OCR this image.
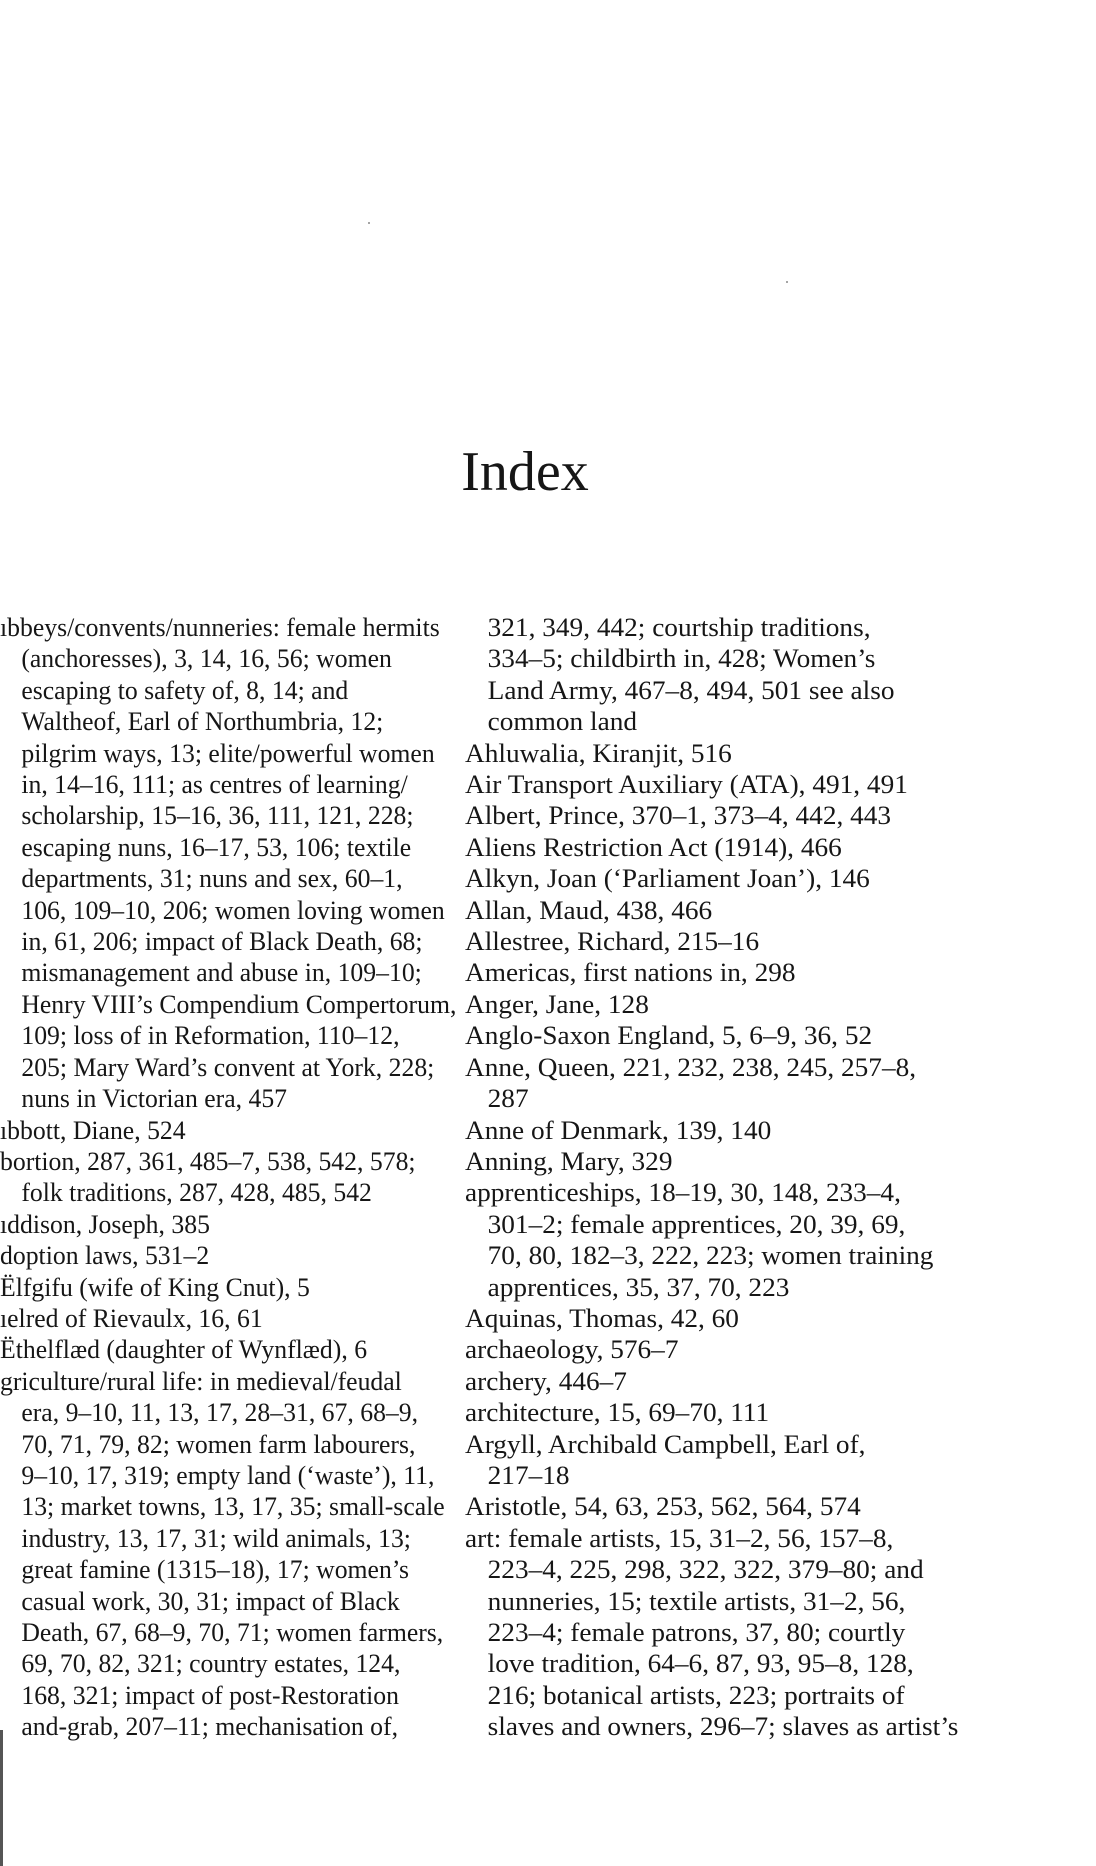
Index
ıbbeys/convents/nunneries: female hermits
(anchoresses), 3, 14, 16, 56; women
escaping to safety of, 8, 14; and
Waltheof, Earl of Northumbria, 12;
pilgrim ways, 13; elite/powerful women
in, 14–16, 111; as centres of learning/
scholarship, 15–16, 36, 111, 121, 228;
escaping nuns, 16–17, 53, 106; textile
departments, 31; nuns and sex, 60–1,
106, 109–10, 206; women loving women
in, 61, 206; impact of Black Death, 68;
mismanagement and abuse in, 109–10;
Henry VIII’s Compendium Compertorum,
109; loss of in Reformation, 110–12,
205; Mary Ward’s convent at York, 228;
nuns in Victorian era, 457
ıbbott, Diane, 524
bortion, 287, 361, 485–7, 538, 542, 578;
folk traditions, 287, 428, 485, 542
ıddison, Joseph, 385
doption laws, 531–2
Ëlfgifu (wife of King Cnut), 5
ıelred of Rievaulx, 16, 61
Ëthelflæd (daughter of Wynflæd), 6
griculture/rural life: in medieval/feudal
era, 9–10, 11, 13, 17, 28–31, 67, 68–9,
70, 71, 79, 82; women farm labourers,
9–10, 17, 319; empty land (‘waste’), 11,
13; market towns, 13, 17, 35; small-scale
industry, 13, 17, 31; wild animals, 13;
great famine (1315–18), 17; women’s
casual work, 30, 31; impact of Black
Death, 67, 68–9, 70, 71; women farmers,
69, 70, 82, 321; country estates, 124,
168, 321; impact of post-Restoration
and-grab, 207–11; mechanisation of,
321, 349, 442; courtship traditions,
334–5; childbirth in, 428; Women’s
Land Army, 467–8, 494, 501 see also
common land
Ahluwalia, Kiranjit, 516
Air Transport Auxiliary (ATA), 491, 491
Albert, Prince, 370–1, 373–4, 442, 443
Aliens Restriction Act (1914), 466
Alkyn, Joan (‘Parliament Joan’), 146
Allan, Maud, 438, 466
Allestree, Richard, 215–16
Americas, first nations in, 298
Anger, Jane, 128
Anglo-Saxon England, 5, 6–9, 36, 52
Anne, Queen, 221, 232, 238, 245, 257–8,
287
Anne of Denmark, 139, 140
Anning, Mary, 329
apprenticeships, 18–19, 30, 148, 233–4,
301–2; female apprentices, 20, 39, 69,
70, 80, 182–3, 222, 223; women training
apprentices, 35, 37, 70, 223
Aquinas, Thomas, 42, 60
archaeology, 576–7
archery, 446–7
architecture, 15, 69–70, 111
Argyll, Archibald Campbell, Earl of,
217–18
Aristotle, 54, 63, 253, 562, 564, 574
art: female artists, 15, 31–2, 56, 157–8,
223–4, 225, 298, 322, 322, 379–80; and
nunneries, 15; textile artists, 31–2, 56,
223–4; female patrons, 37, 80; courtly
love tradition, 64–6, 87, 93, 95–8, 128,
216; botanical artists, 223; portraits of
slaves and owners, 296–7; slaves as artist’s
